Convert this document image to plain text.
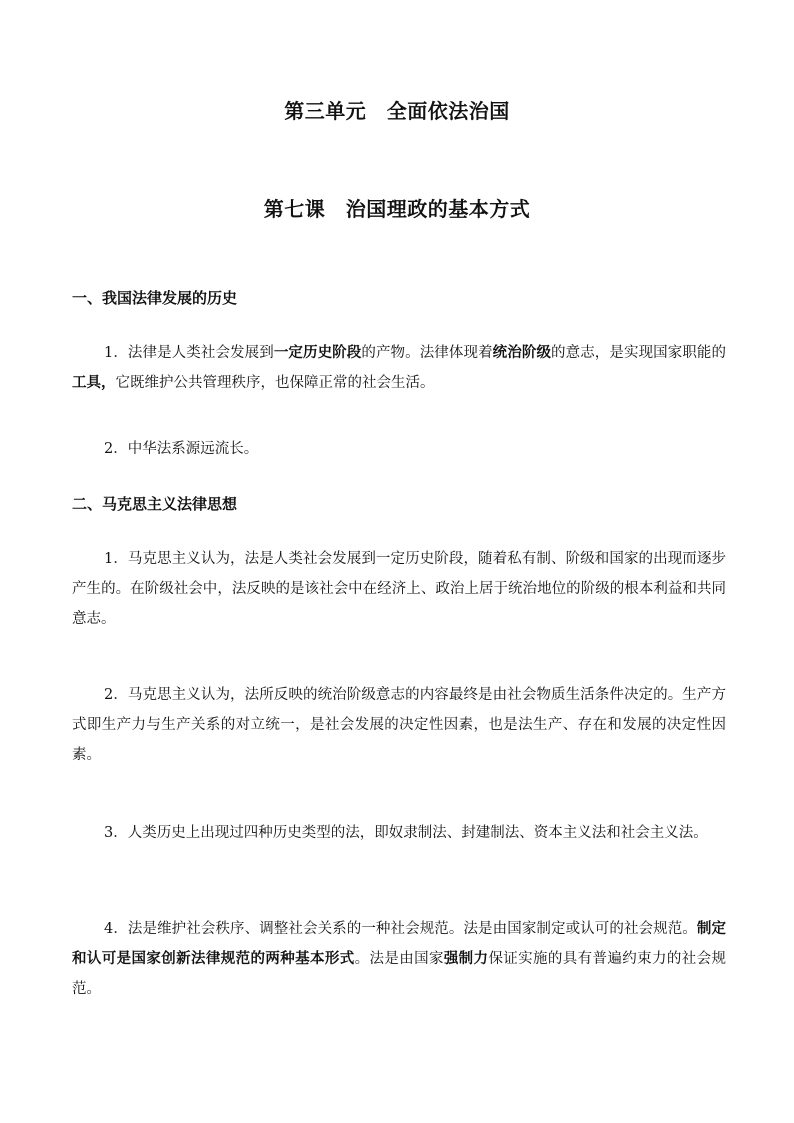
第三单元　全面依法治国
第七课　治国理政的基本方式
一、我国法律发展的历史
1．法律是人类社会发展到一定历史阶段的产物。法律体现着统治阶级的意志，是实现国家职能的工具，它既维护公共管理秩序，也保障正常的社会生活。
2．中华法系源远流长。
二、马克思主义法律思想
1．马克思主义认为，法是人类社会发展到一定历史阶段，随着私有制、阶级和国家的出现而逐步产生的。在阶级社会中，法反映的是该社会中在经济上、政治上居于统治地位的阶级的根本利益和共同意志。
2．马克思主义认为，法所反映的统治阶级意志的内容最终是由社会物质生活条件决定的。生产方式即生产力与生产关系的对立统一，是社会发展的决定性因素，也是法生产、存在和发展的决定性因素。
3．人类历史上出现过四种历史类型的法，即奴隶制法、封建制法、资本主义法和社会主义法。
4．法是维护社会秩序、调整社会关系的一种社会规范。法是由国家制定或认可的社会规范。制定和认可是国家创新法律规范的两种基本形式。法是由国家强制力保证实施的具有普遍约束力的社会规范。
